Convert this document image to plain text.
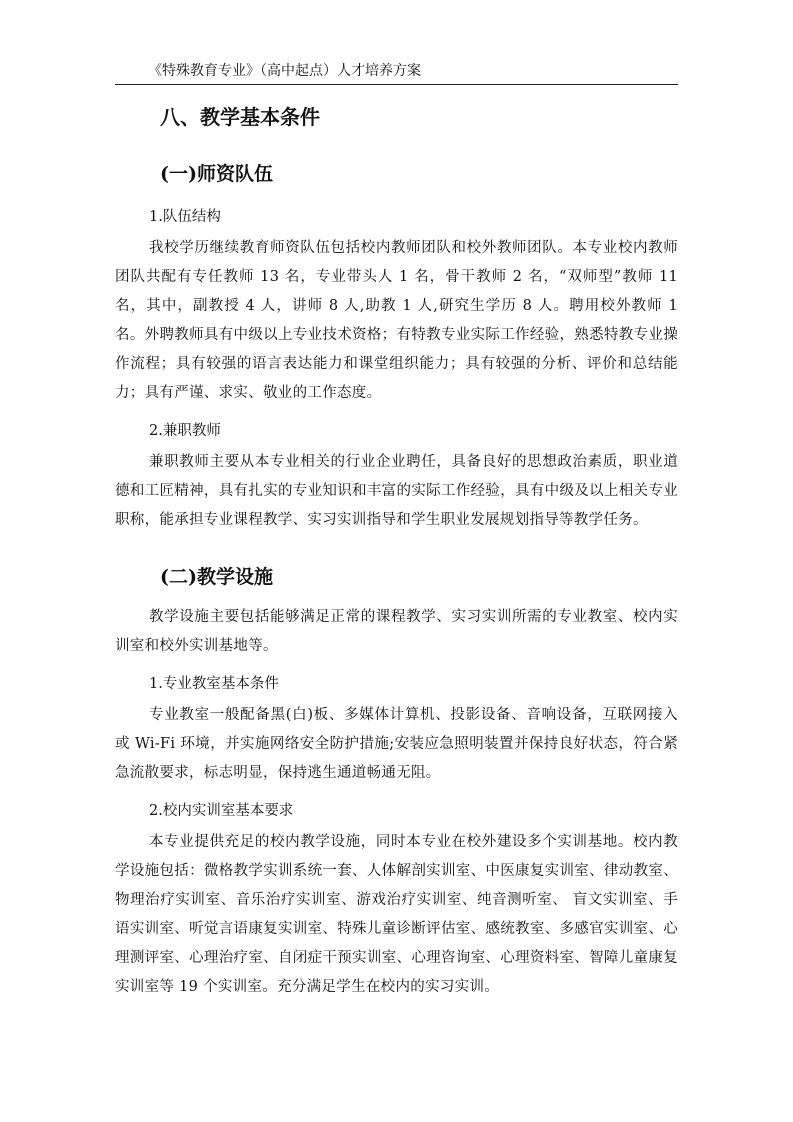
《特殊教育专业》（高中起点）人才培养方案
八、教学基本条件
(一)师资队伍
1.队伍结构

我校学历继续教育师资队伍包括校内教师团队和校外教师团队。本专业校内教师团队共配有专任教师 13 名，专业带头人 1 名，骨干教师 2 名，“双师型”教师 11 名，其中，副教授 4 人，讲师 8 人,助教 1 人,研究生学历 8 人。聘用校外教师 1 名。外聘教师具有中级以上专业技术资格；有特教专业实际工作经验，熟悉特教专业操作流程；具有较强的语言表达能力和课堂组织能力；具有较强的分析、评价和总结能力；具有严谨、求实、敬业的工作态度。

2.兼职教师

兼职教师主要从本专业相关的行业企业聘任，具备良好的思想政治素质，职业道德和工匠精神，具有扎实的专业知识和丰富的实际工作经验，具有中级及以上相关专业职称，能承担专业课程教学、实习实训指导和学生职业发展规划指导等教学任务。

(二)教学设施

教学设施主要包括能够满足正常的课程教学、实习实训所需的专业教室、校内实训室和校外实训基地等。

1.专业教室基本条件

专业教室一般配备黑(白)板、多媒体计算机、投影设备、音响设备，互联网接入或 Wi-Fi 环境，并实施网络安全防护措施;安装应急照明装置并保持良好状态，符合紧急流散要求，标志明显，保持逃生通道畅通无阻。

2.校内实训室基本要求

本专业提供充足的校内教学设施，同时本专业在校外建设多个实训基地。校内教学设施包括：微格教学实训系统一套、人体解剖实训室、中医康复实训室、律动教室、物理治疗实训室、音乐治疗实训室、游戏治疗实训室、纯音测听室、 盲文实训室、手语实训室、听觉言语康复实训室、特殊儿童诊断评估室、感统教室、多感官实训室、心理测评室、心理治疗室、自闭症干预实训室、心理咨询室、心理资料室、智障儿童康复实训室等 19 个实训室。充分满足学生在校内的实习实训。
